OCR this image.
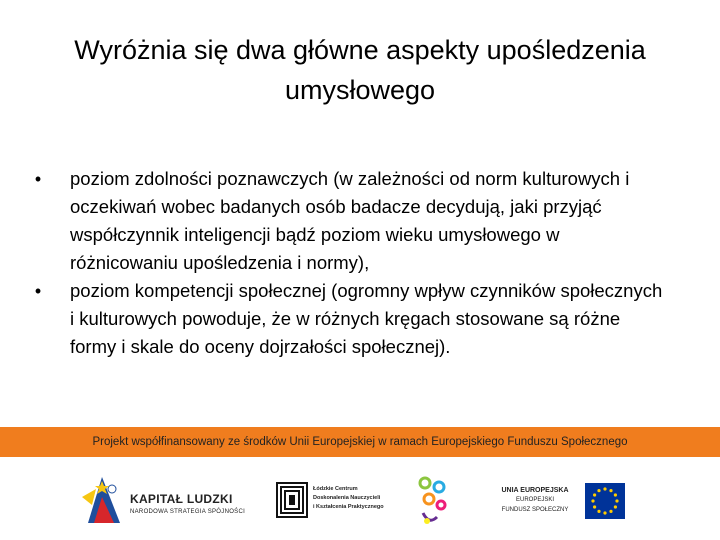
Wyróżnia się dwa główne aspekty upośledzenia umysłowego
•	poziom zdolności poznawczych (w zależności od norm kulturowych i oczekiwań wobec badanych osób badacze decydują, jaki przyjąć współczynnik inteligencji bądź poziom wieku umysłowego w różnicowaniu upośledzenia i normy),
•	poziom kompetencji społecznej (ogromny wpływ czynników społecznych i kulturowych powoduje, że w różnych kręgach stosowane są różne formy i skale do oceny dojrzałości społecznej).
Projekt współfinansowany ze środków Unii Europejskiej w ramach Europejskiego Funduszu Społecznego
KAPITAŁ LUDZKI
NARODOWA STRATEGIA SPÓJNOŚCI
Łódzkie Centrum
Doskonalenia Nauczycieli
i Kształcenia Praktycznego
UNIA EUROPEJSKA
EUROPEJSKI
FUNDUSZ SPOŁECZNY
